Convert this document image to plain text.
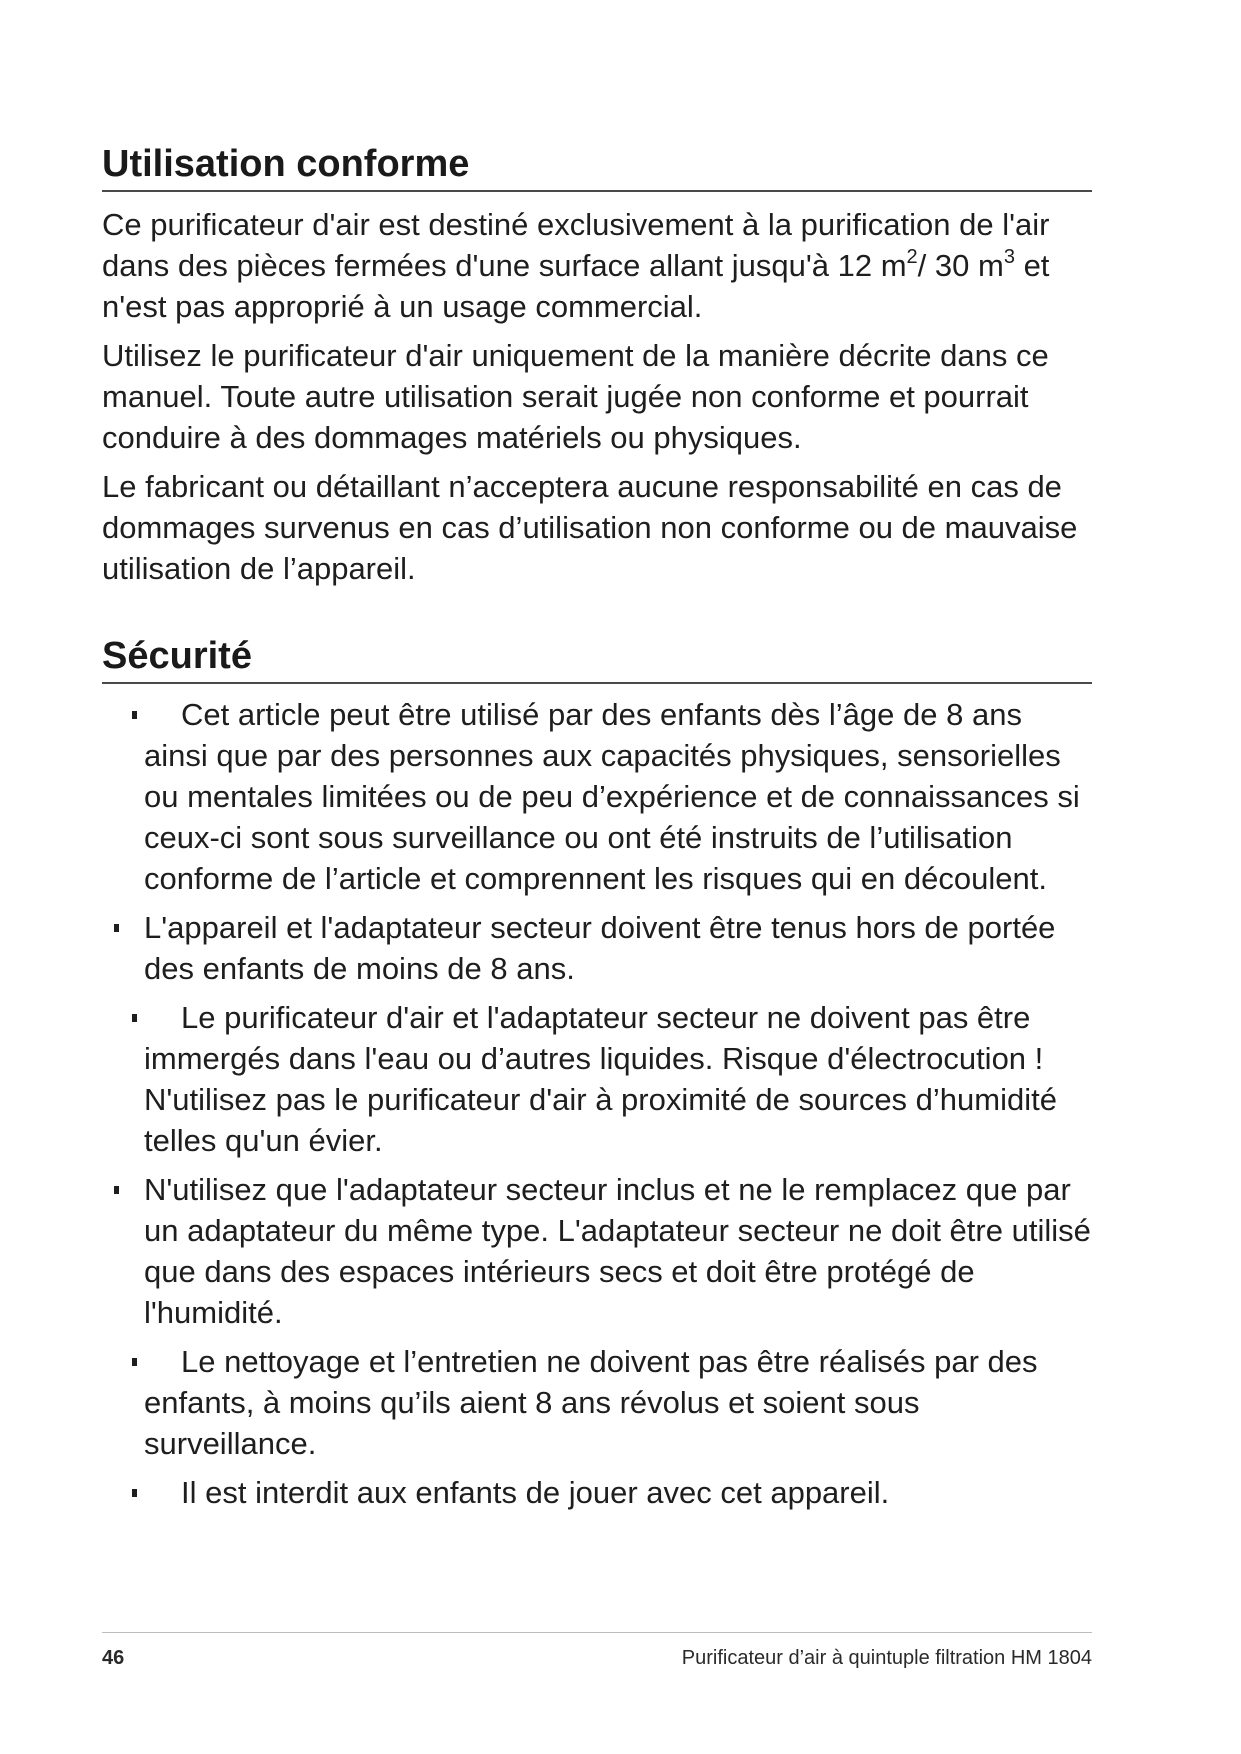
Utilisation conforme

Ce purificateur d'air est destiné exclusivement à la purification de l'air dans des pièces fermées d'une surface allant jusqu'à 12 $m^2/$ 30 $m^3$ et n'est pas approprié à un usage commercial.

Utilisez le purificateur d'air uniquement de la manière décrite dans ce manuel. Toute autre utilisation serait jugée non conforme et pourrait conduire à des dommages matériels ou physiques.

Le fabricant ou détaillant n’acceptera aucune responsabilité en cas de dommages survenus en cas d’utilisation non conforme ou de mauvaise utilisation de l’appareil.

Sécurité
Cet article peut être utilisé par des enfants dès l’âge de 8 ans ainsi que par des personnes aux capacités physiques, sensorielles ou mentales limitées ou de peu d’expérience et de connaissances si ceux-ci sont sous surveillance ou ont été instruits de l’utilisation conforme de l’article et comprennent les risques qui en découlent.
L'appareil et l'adaptateur secteur doivent être tenus hors de portée des enfants de moins de 8 ans.
Le purificateur d'air et l'adaptateur secteur ne doivent pas être immergés dans l'eau ou d’autres liquides. Risque d'électrocution ! N'utilisez pas le purificateur d'air à proximité de sources d’humidité telles qu'un évier.
N'utilisez que l'adaptateur secteur inclus et ne le remplacez que par un adaptateur du même type. L'adaptateur secteur ne doit être utilisé que dans des espaces intérieurs secs et doit être protégé de l'humidité.
Le nettoyage et l’entretien ne doivent pas être réalisés par des enfants, à moins qu’ils aient 8 ans révolus et soient sous surveillance.
Il est interdit aux enfants de jouer avec cet appareil.
46	Purificateur d’air à quintuple filtration HM 1804
